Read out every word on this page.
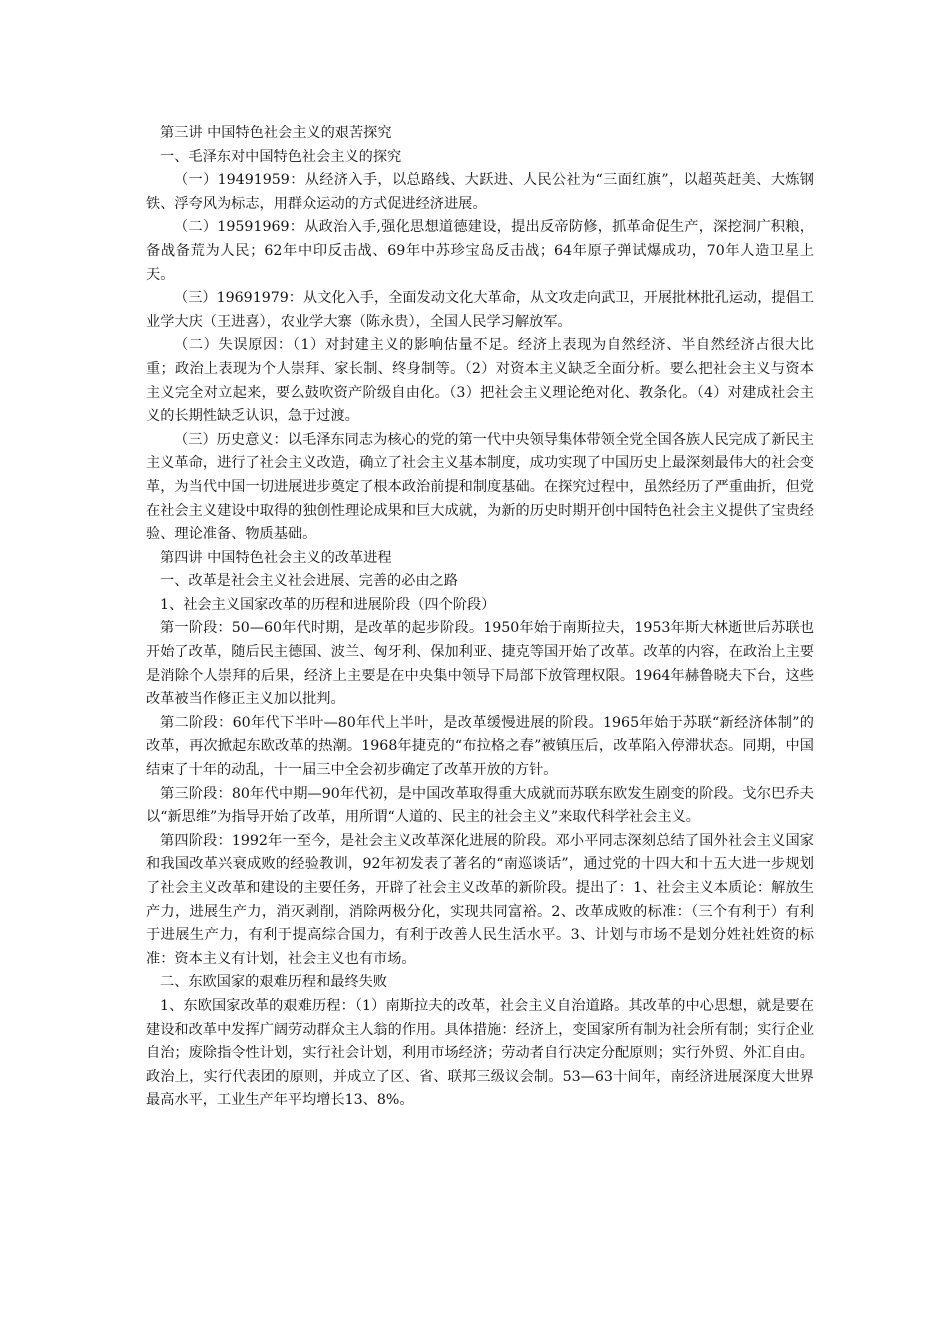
第三讲 中国特色社会主义的艰苦探究

一、毛泽东对中国特色社会主义的探究

（一）19491959：从经济入手，以总路线、大跃进、人民公社为“三面红旗”，以超英赶美、大炼钢铁、浮夸风为标志，用群众运动的方式促进经济进展。

（二）19591969：从政治入手,强化思想道德建设，提出反帝防修，抓革命促生产，深挖洞广积粮，备战备荒为人民；62年中印反击战、69年中苏珍宝岛反击战；64年原子弹试爆成功，70年人造卫星上天。

（三）19691979：从文化入手，全面发动文化大革命，从文攻走向武卫，开展批林批孔运动，提倡工业学大庆（王进喜），农业学大寨（陈永贵），全国人民学习解放军。

（二）失误原因：（1）对封建主义的影响估量不足。经济上表现为自然经济、半自然经济占很大比重；政治上表现为个人崇拜、家长制、终身制等。（2）对资本主义缺乏全面分析。要么把社会主义与资本主义完全对立起来，要么鼓吹资产阶级自由化。（3）把社会主义理论绝对化、教条化。（4）对建成社会主义的长期性缺乏认识，急于过渡。

（三）历史意义：以毛泽东同志为核心的党的第一代中央领导集体带领全党全国各族人民完成了新民主主义革命，进行了社会主义改造，确立了社会主义基本制度，成功实现了中国历史上最深刻最伟大的社会变革，为当代中国一切进展进步奠定了根本政治前提和制度基础。在探究过程中，虽然经历了严重曲折，但党在社会主义建设中取得的独创性理论成果和巨大成就，为新的历史时期开创中国特色社会主义提供了宝贵经验、理论准备、物质基础。

第四讲 中国特色社会主义的改革进程

一、改革是社会主义社会进展、完善的必由之路

1、社会主义国家改革的历程和进展阶段（四个阶段）

第一阶段：50—60年代时期，是改革的起步阶段。1950年始于南斯拉夫，1953年斯大林逝世后苏联也开始了改革，随后民主德国、波兰、匈牙利、保加利亚、捷克等国开始了改革。改革的内容，在政治上主要是消除个人崇拜的后果，经济上主要是在中央集中领导下局部下放管理权限。1964年赫鲁晓夫下台，这些改革被当作修正主义加以批判。

第二阶段：60年代下半叶—80年代上半叶，是改革缓慢进展的阶段。1965年始于苏联“新经济体制”的改革，再次掀起东欧改革的热潮。1968年捷克的“布拉格之春”被镇压后，改革陷入停滞状态。同期，中国结束了十年的动乱，十一届三中全会初步确定了改革开放的方针。

第三阶段：80年代中期—90年代初，是中国改革取得重大成就而苏联东欧发生剧变的阶段。戈尔巴乔夫以“新思维”为指导开始了改革，用所谓“人道的、民主的社会主义”来取代科学社会主义。

第四阶段：1992年一至今，是社会主义改革深化进展的阶段。邓小平同志深刻总结了国外社会主义国家和我国改革兴衰成败的经验教训，92年初发表了著名的“南巡谈话”，通过党的十四大和十五大进一步规划了社会主义改革和建设的主要任务，开辟了社会主义改革的新阶段。提出了：1、社会主义本质论：解放生产力，进展生产力，消灭剥削，消除两极分化，实现共同富裕。2、改革成败的标准：（三个有利于）有利于进展生产力，有利于提高综合国力，有利于改善人民生活水平。3、计划与市场不是划分姓社姓资的标准：资本主义有计划，社会主义也有市场。

二、东欧国家的艰难历程和最终失败

1、东欧国家改革的艰难历程：（1）南斯拉夫的改革，社会主义自治道路。其改革的中心思想，就是要在建设和改革中发挥广阔劳动群众主人翁的作用。具体措施：经济上，变国家所有制为社会所有制；实行企业自治；废除指令性计划，实行社会计划，利用市场经济；劳动者自行决定分配原则；实行外贸、外汇自由。政治上，实行代表团的原则，并成立了区、省、联邦三级议会制。53—63十间年，南经济进展深度大世界最高水平，工业生产年平均增长13、8%。
